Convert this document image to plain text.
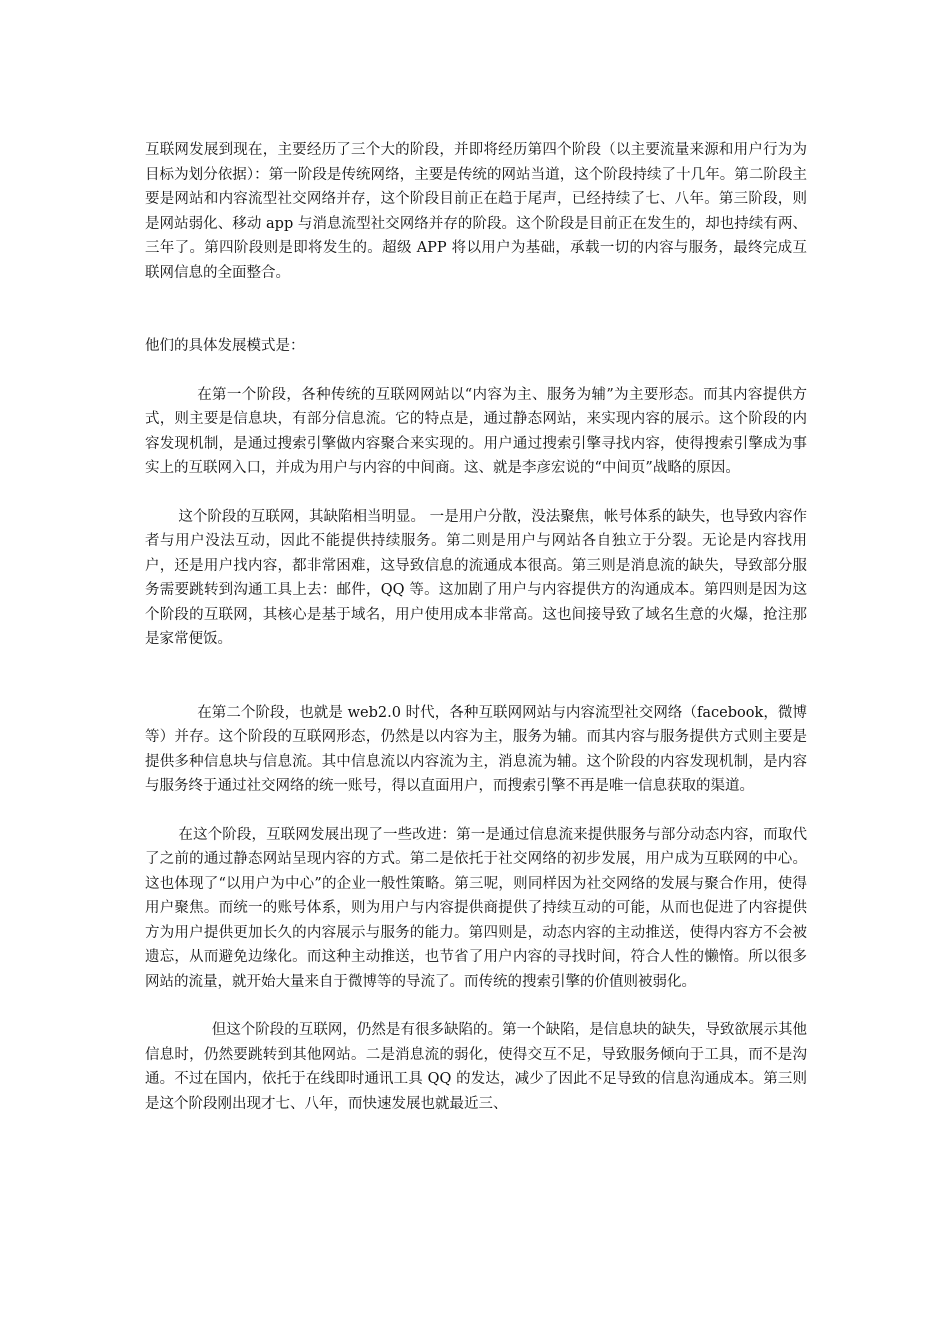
互联网发展到现在，主要经历了三个大的阶段，并即将经历第四个阶段（以主要流量来源和用户行为为目标为划分依据）：第一阶段是传统网络，主要是传统的网站当道，这个阶段持续了十几年。第二阶段主要是网站和内容流型社交网络并存，这个阶段目前正在趋于尾声，已经持续了七、八年。第三阶段，则是网站弱化、移动 app 与消息流型社交网络并存的阶段。这个阶段是目前正在发生的，却也持续有两、三年了。第四阶段则是即将发生的。超级 APP 将以用户为基础，承载一切的内容与服务，最终完成互联网信息的全面整合。

他们的具体发展模式是：

在第一个阶段，各种传统的互联网网站以“内容为主、服务为辅”为主要形态。而其内容提供方式，则主要是信息块，有部分信息流。它的特点是，通过静态网站，来实现内容的展示。这个阶段的内容发现机制，是通过搜索引擎做内容聚合来实现的。用户通过搜索引擎寻找内容，使得搜索引擎成为事实上的互联网入口，并成为用户与内容的中间商。这、就是李彦宏说的“中间页”战略的原因。

这个阶段的互联网，其缺陷相当明显。 一是用户分散，没法聚焦，帐号体系的缺失，也导致内容作者与用户没法互动，因此不能提供持续服务。第二则是用户与网站各自独立于分裂。无论是内容找用户，还是用户找内容，都非常困难，这导致信息的流通成本很高。第三则是消息流的缺失，导致部分服务需要跳转到沟通工具上去：邮件，QQ 等。这加剧了用户与内容提供方的沟通成本。第四则是因为这个阶段的互联网，其核心是基于域名，用户使用成本非常高。这也间接导致了域名生意的火爆，抢注那是家常便饭。

在第二个阶段，也就是 web2.0 时代，各种互联网网站与内容流型社交网络（facebook，微博等）并存。这个阶段的互联网形态，仍然是以内容为主，服务为辅。而其内容与服务提供方式则主要是提供多种信息块与信息流。其中信息流以内容流为主，消息流为辅。这个阶段的内容发现机制，是内容与服务终于通过社交网络的统一账号，得以直面用户，而搜索引擎不再是唯一信息获取的渠道。

在这个阶段，互联网发展出现了一些改进：第一是通过信息流来提供服务与部分动态内容，而取代了之前的通过静态网站呈现内容的方式。第二是依托于社交网络的初步发展，用户成为互联网的中心。这也体现了“以用户为中心”的企业一般性策略。第三呢，则同样因为社交网络的发展与聚合作用，使得用户聚焦。而统一的账号体系，则为用户与内容提供商提供了持续互动的可能，从而也促进了内容提供方为用户提供更加长久的内容展示与服务的能力。第四则是，动态内容的主动推送，使得内容方不会被遗忘，从而避免边缘化。而这种主动推送，也节省了用户内容的寻找时间，符合人性的懒惰。所以很多网站的流量，就开始大量来自于微博等的导流了。而传统的搜索引擎的价值则被弱化。

但这个阶段的互联网，仍然是有很多缺陷的。第一个缺陷，是信息块的缺失，导致欲展示其他信息时，仍然要跳转到其他网站。二是消息流的弱化，使得交互不足，导致服务倾向于工具，而不是沟通。不过在国内，依托于在线即时通讯工具 QQ 的发达，减少了因此不足导致的信息沟通成本。第三则是这个阶段刚出现才七、八年，而快速发展也就最近三、
